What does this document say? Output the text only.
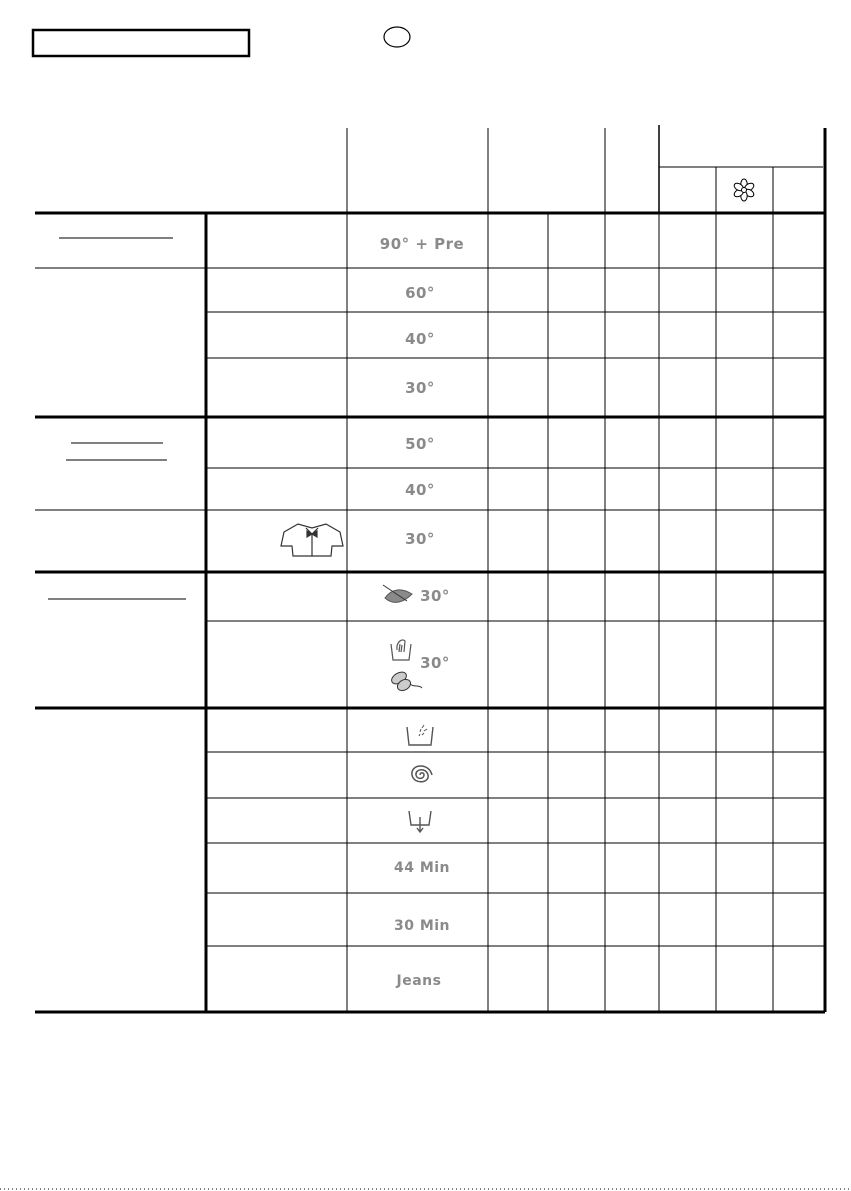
90° + Pre
60°
40°
30°
50°
40°
30°
30°
30°
44 Min
30 Min
Jeans
